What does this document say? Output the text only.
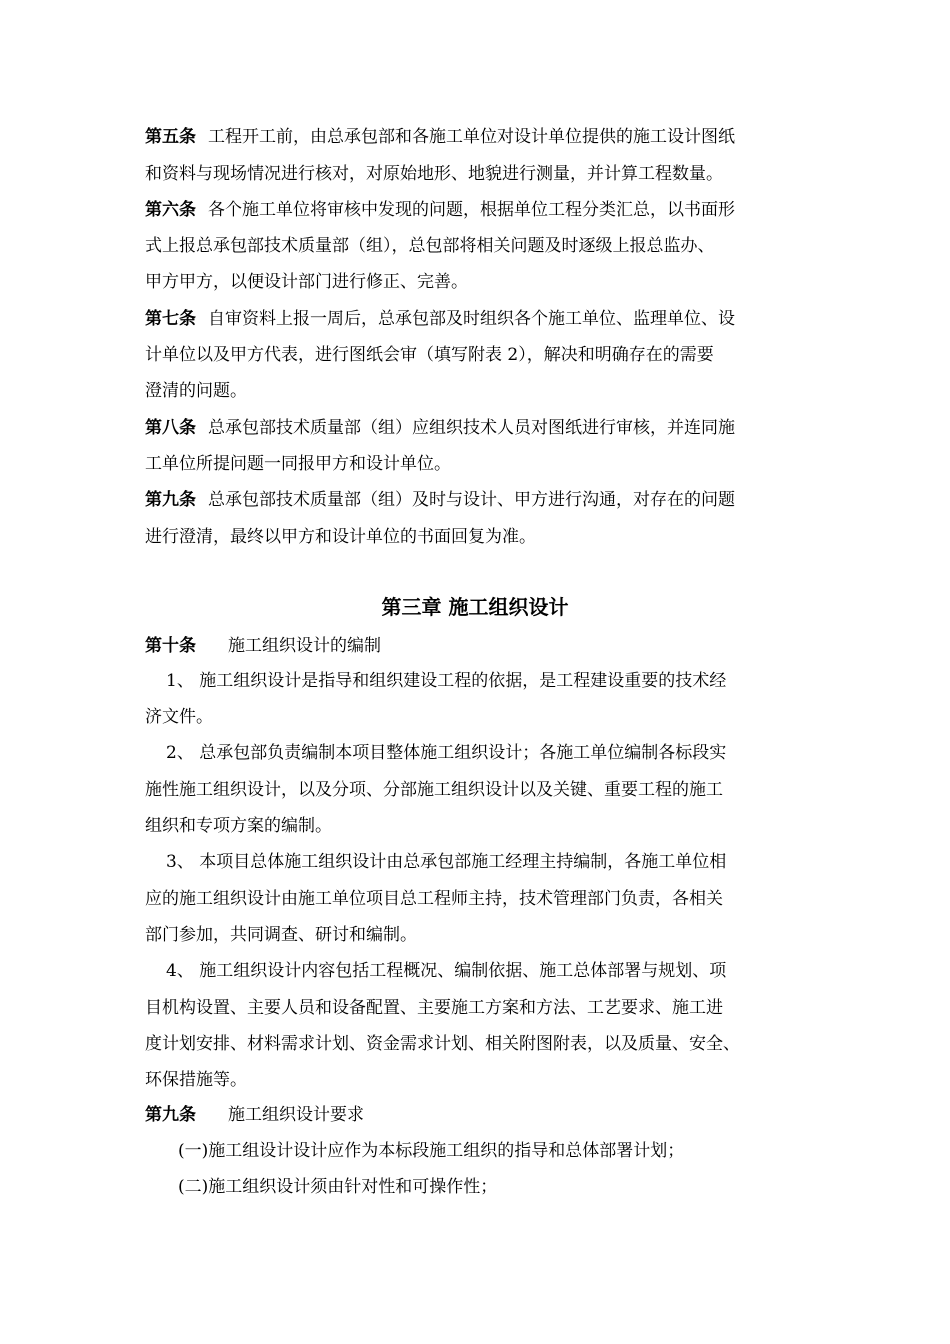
第五条 工程开工前，由总承包部和各施工单位对设计单位提供的施工设计图纸
和资料与现场情况进行核对，对原始地形、地貌进行测量，并计算工程数量。
第六条 各个施工单位将审核中发现的问题，根据单位工程分类汇总，以书面形
式上报总承包部技术质量部（组），总包部将相关问题及时逐级上报总监办、
甲方甲方，以便设计部门进行修正、完善。
第七条 自审资料上报一周后，总承包部及时组织各个施工单位、监理单位、设
计单位以及甲方代表，进行图纸会审（填写附表 2），解决和明确存在的需要
澄清的问题。
第八条 总承包部技术质量部（组）应组织技术人员对图纸进行审核，并连同施
工单位所提问题一同报甲方和设计单位。
第九条 总承包部技术质量部（组）及时与设计、甲方进行沟通，对存在的问题
进行澄清，最终以甲方和设计单位的书面回复为准。
第三章 施工组织设计
第十条 施工组织设计的编制
1、 施工组织设计是指导和组织建设工程的依据，是工程建设重要的技术经
济文件。
2、 总承包部负责编制本项目整体施工组织设计；各施工单位编制各标段实
施性施工组织设计，以及分项、分部施工组织设计以及关键、重要工程的施工
组织和专项方案的编制。
3、 本项目总体施工组织设计由总承包部施工经理主持编制，各施工单位相
应的施工组织设计由施工单位项目总工程师主持，技术管理部门负责，各相关
部门参加，共同调查、研讨和编制。
4、 施工组织设计内容包括工程概况、编制依据、施工总体部署与规划、项
目机构设置、主要人员和设备配置、主要施工方案和方法、工艺要求、施工进
度计划安排、材料需求计划、资金需求计划、相关附图附表，以及质量、安全、
环保措施等。
第九条 施工组织设计要求
(一)施工组设计设计应作为本标段施工组织的指导和总体部署计划；
(二)施工组织设计须由针对性和可操作性；
